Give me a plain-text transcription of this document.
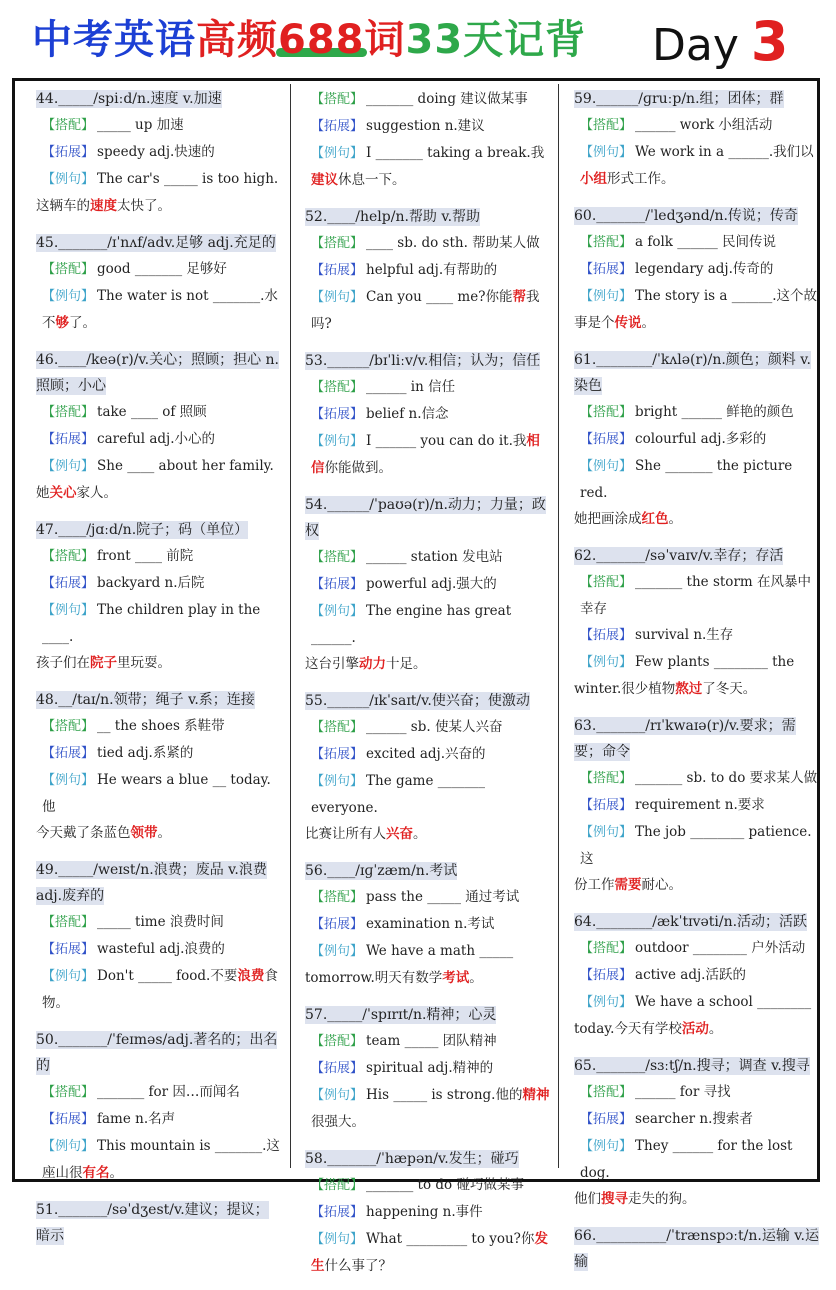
中考英语高频688
词33天记背 Day 3
44._____/spiːd/n.速度 v.加速
【搭配】 _____ up 加速
【拓展】 speedy adj.快速的
【例句】 The car's _____ is too high.
这辆车的速度太快了。
45._______/ɪˈnʌf/adv.足够 adj.充足的
【搭配】 good _______ 足够好
【例句】 The water is not _______.水不够了。
46.____/keə(r)/v.关心；照顾；担心 n.照顾；小心
【搭配】 take ____ of 照顾
【拓展】 careful adj.小心的
【例句】 She ____ about her family.
她关心家人。
47.____/jɑːd/n.院子；码（单位）
【搭配】 front ____ 前院
【拓展】 backyard n.后院
【例句】 The children play in the ____.
孩子们在院子里玩耍。
48.__/taɪ/n.领带；绳子 v.系；连接
【搭配】 __ the shoes 系鞋带
【拓展】 tied adj.系紧的
【例句】 He wears a blue __ today.他
今天戴了条蓝色领带。
49._____/weɪst/n.浪费；废品 v.浪费 adj.废弃的
【搭配】 _____ time 浪费时间
【拓展】 wasteful adj.浪费的
【例句】 Don't _____ food.不要浪费食物。
50._______/ˈfeɪməs/adj.著名的；出名的
【搭配】 _______ for 因…而闻名
【拓展】 fame n.名声
【例句】 This mountain is _______.这座山很有名。
51._______/səˈdʒest/v.建议；提议；暗示
【搭配】 _______ doing 建议做某事
【拓展】 suggestion n.建议
【例句】 I _______ taking a break.我建议休息一下。
52.____/help/n.帮助 v.帮助
【搭配】 ____ sb. do sth. 帮助某人做
【拓展】 helpful adj.有帮助的
【例句】 Can you ____ me?你能帮我吗?
53.______/bɪˈliːv/v.相信；认为；信任
【搭配】 ______ in 信任
【拓展】 belief n.信念
【例句】 I ______ you can do it.我相信你能做到。
54.______/ˈpaʊə(r)/n.动力；力量；政权
【搭配】 ______ station 发电站
【拓展】 powerful adj.强大的
【例句】 The engine has great ______.
这台引擎动力十足。
55.______/ɪkˈsaɪt/v.使兴奋；使激动
【搭配】 ______ sb. 使某人兴奋
【拓展】 excited adj.兴奋的
【例句】 The game _______ everyone.
比赛让所有人兴奋。
56.____/ɪɡˈzæm/n.考试
【搭配】 pass the _____ 通过考试
【拓展】 examination n.考试
【例句】 We have a math _____
tomorrow.明天有数学考试。
57._____/ˈspɪrɪt/n.精神；心灵
【搭配】 team _____ 团队精神
【拓展】 spiritual adj.精神的
【例句】 His _____ is strong.他的精神很强大。
58._______/ˈhæpən/v.发生；碰巧
【搭配】 _______ to do 碰巧做某事
【拓展】 happening n.事件
【例句】 What _________ to you?你发生什么事了？
59.______/ɡruːp/n.组；团体；群
【搭配】 ______ work 小组活动
【例句】 We work in a ______.我们以小组形式工作。
60._______/ˈledʒənd/n.传说；传奇
【搭配】 a folk ______ 民间传说
【拓展】 legendary adj.传奇的
【例句】 The story is a ______.这个故
事是个传说。
61.________/ˈkʌlə(r)/n.颜色；颜料 v.染色
【搭配】 bright ______ 鲜艳的颜色
【拓展】 colourful adj.多彩的
【例句】 She _______ the picture red.
她把画涂成红色。
62._______/səˈvaɪv/v.幸存；存活
【搭配】 _______ the storm 在风暴中幸存
【拓展】 survival n.生存
【例句】 Few plants ________ the
winter.很少植物熬过了冬天。
63._______/rɪˈkwaɪə(r)/v.要求；需要；命令
【搭配】 _______ sb. to do 要求某人做
【拓展】 requirement n.要求
【例句】 The job ________ patience.这
份工作需要耐心。
64.________/ækˈtɪvəti/n.活动；活跃
【搭配】 outdoor ________ 户外活动
【拓展】 active adj.活跃的
【例句】 We have a school ________
today.今天有学校活动。
65._______/sɜːtʃ/n.搜寻；调查 v.搜寻
【搭配】 ______ for 寻找
【拓展】 searcher n.搜索者
【例句】 They ______ for the lost dog.
他们搜寻走失的狗。
66.__________/ˈtrænspɔːt/n.运输 v.运输
